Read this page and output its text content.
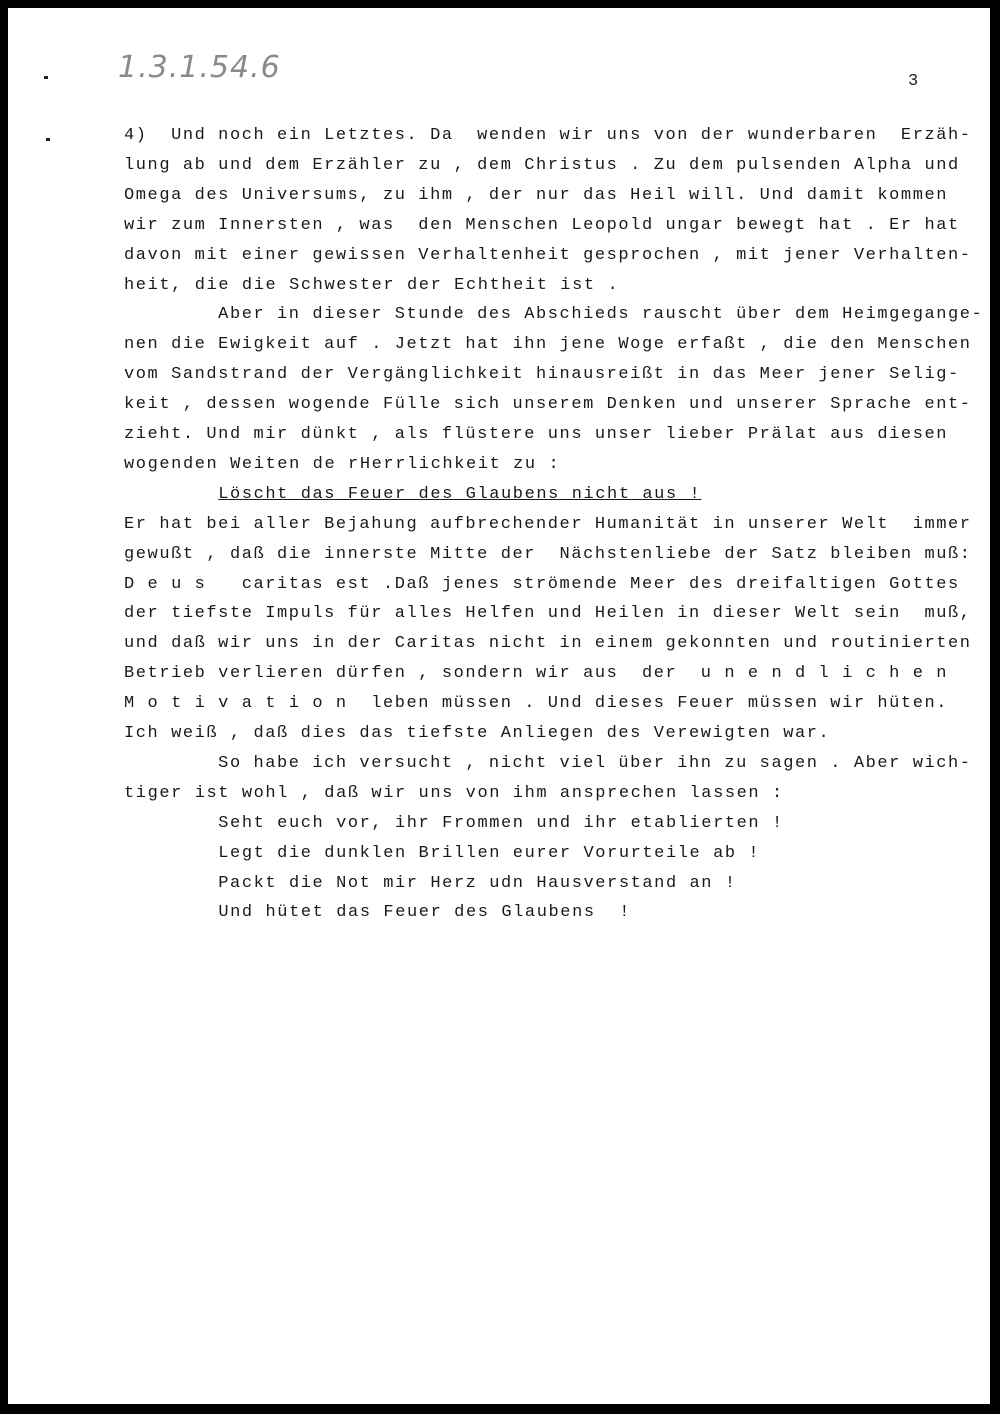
1.3.1.54.6	3
4)  Und noch ein Letztes. Da  wenden wir uns von der wunderbaren  Erzäh-
lung ab und dem Erzähler zu , dem Christus . Zu dem pulsenden Alpha und
Omega des Universums, zu ihm , der nur das Heil will. Und damit kommen
wir zum Innersten , was  den Menschen Leopold ungar bewegt hat . Er hat
davon mit einer gewissen Verhaltenheit gesprochen , mit jener Verhalten-
heit, die die Schwester der Echtheit ist .
Aber in dieser Stunde des Abschieds rauscht über dem Heimgegange-
nen die Ewigkeit auf . Jetzt hat ihn jene Woge erfaßt , die den Menschen
vom Sandstrand der Vergänglichkeit hinausreißt in das Meer jener Selig-
keit , dessen wogende Fülle sich unserem Denken und unserer Sprache ent-
zieht. Und mir dünkt , als flüstere uns unser lieber Prälat aus diesen
wogenden Weiten de rHerrlichkeit zu :
Löscht das Feuer des Glaubens nicht aus !
Er hat bei aller Bejahung aufbrechender Humanität in unserer Welt  immer
gewußt , daß die innerste Mitte der  Nächstenliebe der Satz bleiben muß:
D e u s   caritas est .Daß jenes strömende Meer des dreifaltigen Gottes
der tiefste Impuls für alles Helfen und Heilen in dieser Welt sein  muß,
und daß wir uns in der Caritas nicht in einem gekonnten und routinierten
Betrieb verlieren dürfen , sondern wir aus  der  u n e n d l i c h e n
M o t i v a t i o n  leben müssen . Und dieses Feuer müssen wir hüten.
Ich weiß , daß dies das tiefste Anliegen des Verewigten war.
So habe ich versucht , nicht viel über ihn zu sagen . Aber wich-
tiger ist wohl , daß wir uns von ihm ansprechen lassen :
Seht euch vor, ihr Frommen und ihr etablierten !
Legt die dunklen Brillen eurer Vorurteile ab !
Packt die Not mir Herz udn Hausverstand an !
Und hütet das Feuer des Glaubens  !
